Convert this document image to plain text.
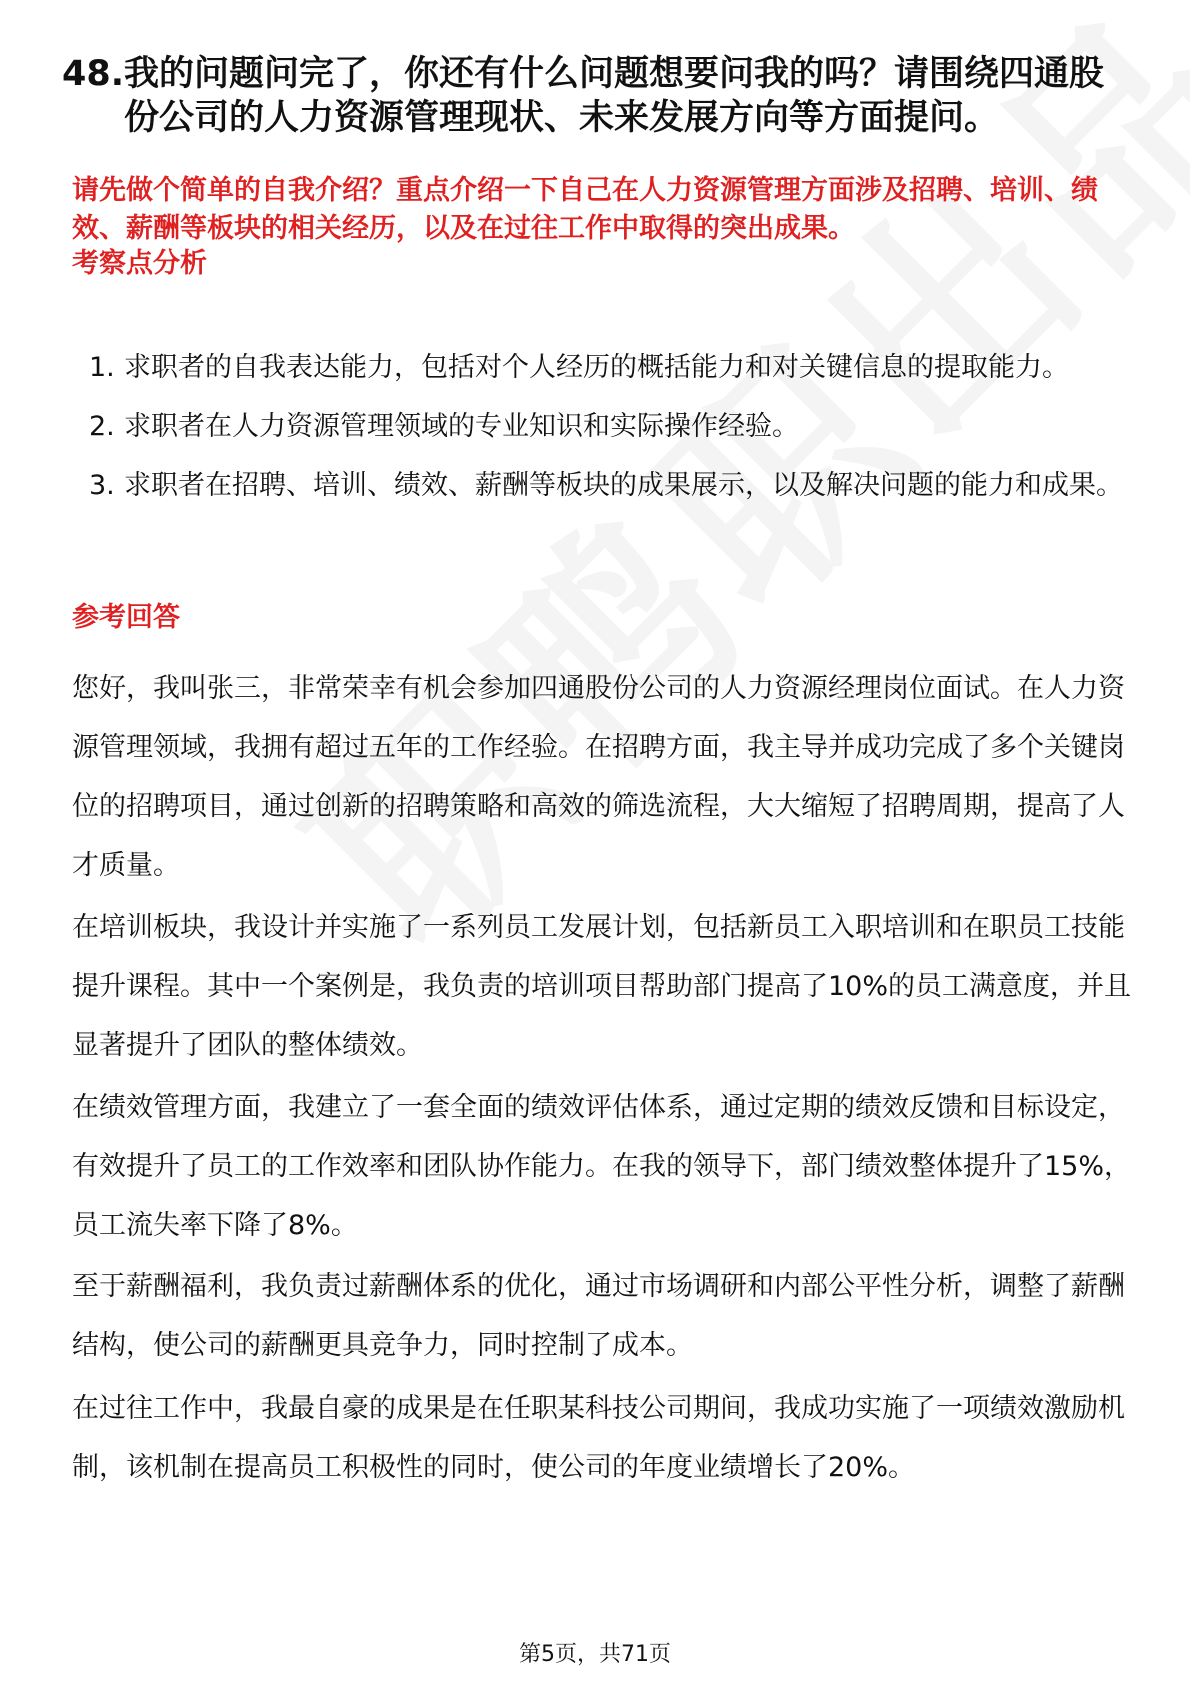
48. 我的问题问完了，你还有什么问题想要问我的吗？请围绕四通股份公司的人力资源管理现状、未来发展方向等方面提问。
请先做个简单的自我介绍？重点介绍一下自己在人力资源管理方面涉及招聘、培训、绩效、薪酬等板块的相关经历，以及在过往工作中取得的突出成果。
考察点分析
1. 求职者的自我表达能力，包括对个人经历的概括能力和对关键信息的提取能力。
2. 求职者在人力资源管理领域的专业知识和实际操作经验。
3. 求职者在招聘、培训、绩效、薪酬等板块的成果展示，以及解决问题的能力和成果。
参考回答
您好，我叫张三，非常荣幸有机会参加四通股份公司的人力资源经理岗位面试。在人力资源管理领域，我拥有超过五年的工作经验。在招聘方面，我主导并成功完成了多个关键岗位的招聘项目，通过创新的招聘策略和高效的筛选流程，大大缩短了招聘周期，提高了人才质量。
在培训板块，我设计并实施了一系列员工发展计划，包括新员工入职培训和在职员工技能提升课程。其中一个案例是，我负责的培训项目帮助部门提高了10%的员工满意度，并且显著提升了团队的整体绩效。
在绩效管理方面，我建立了一套全面的绩效评估体系，通过定期的绩效反馈和目标设定，有效提升了员工的工作效率和团队协作能力。在我的领导下，部门绩效整体提升了15%，员工流失率下降了8%。
至于薪酬福利，我负责过薪酬体系的优化，通过市场调研和内部公平性分析，调整了薪酬结构，使公司的薪酬更具竞争力，同时控制了成本。
在过往工作中，我最自豪的成果是在任职某科技公司期间，我成功实施了一项绩效激励机制，该机制在提高员工积极性的同时，使公司的年度业绩增长了20%。
第5页，共71页
